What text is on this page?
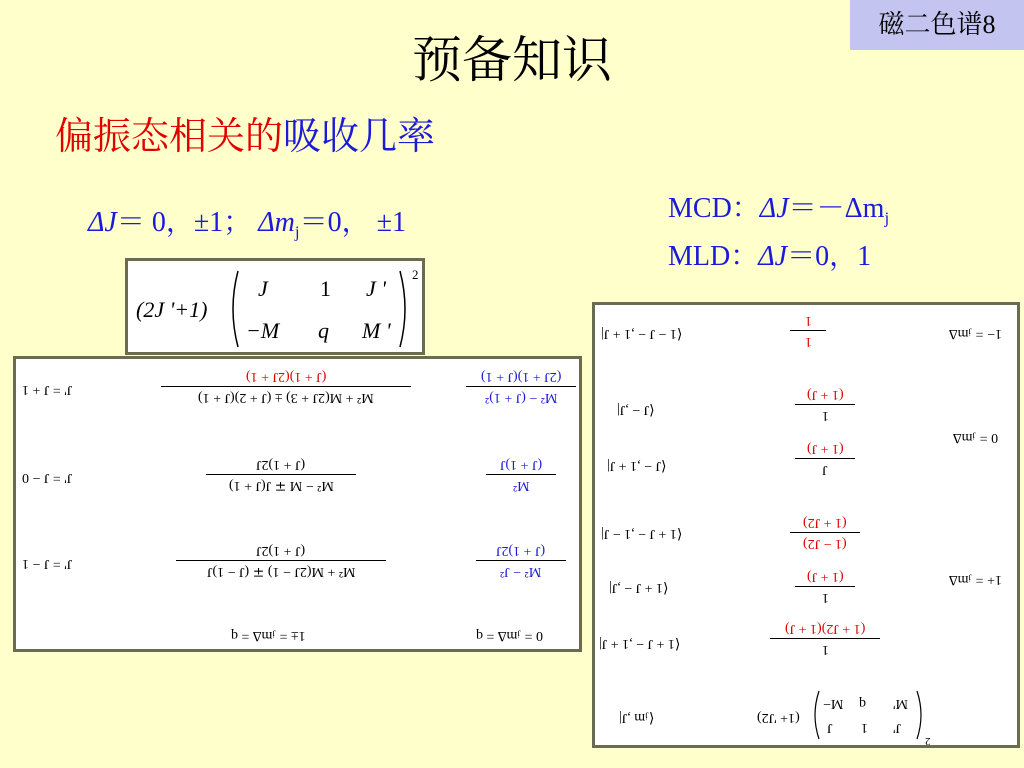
磁二色谱8
预备知识
偏振态相关的吸收几率
ΔJ＝ 0，±1； $\Delta m_j=0$， ±1	MCD：$\Delta J=-\Delta m_j$
MLD：ΔJ＝0，1
(2J '+1)
J 1 J '
−M q M '
2
J' = J + 1	$\frac{(J + 1)(2J + 1)}{\text{M² + M(2J + 3) ± (J + 2)(J + 1)}}$	$\frac{(2J + 1)(J + 1)}{\text{M² − (J + 1)²}}$
J' = J − 0	$\frac{(J + 1)2J}{\text{M² − M ∓ J(J + 1)}}$	$\frac{(J + 1)J}{\text{M²}}$
J' = J − 1	$\frac{(J + 1)2J}{\text{M² + M(2J − 1) ∓ (J − 1)J}}$	$\frac{(J + 1)2J}{\text{M² − J²}}$
1± = ⱼm∆ = q	0 = ⱼm∆ = q
⟨1 − J − ,1 + J|	$\frac{1}{1}$	1− = ⱼm∆
⟨J − ,J|	$\frac{(1 + J)}{1}$
⟨J − ,1 + J|	$\frac{(1 + J)}{J}$
0 = ⱼm∆
⟨1 + J − ,1 − J|	$\frac{(1 + J2)}{(1 - J2)}$
⟨1 + J − ,J|	$\frac{(1 + J)}{1}$	1+ = ⱼm∆
⟨1 + J − ,1 + J|	$\frac{(1 + J2)(1 + J)}{1}$
⟨ⱼm ,J|	(1+ 'J2)
M− q M'
J 1 J'
2
